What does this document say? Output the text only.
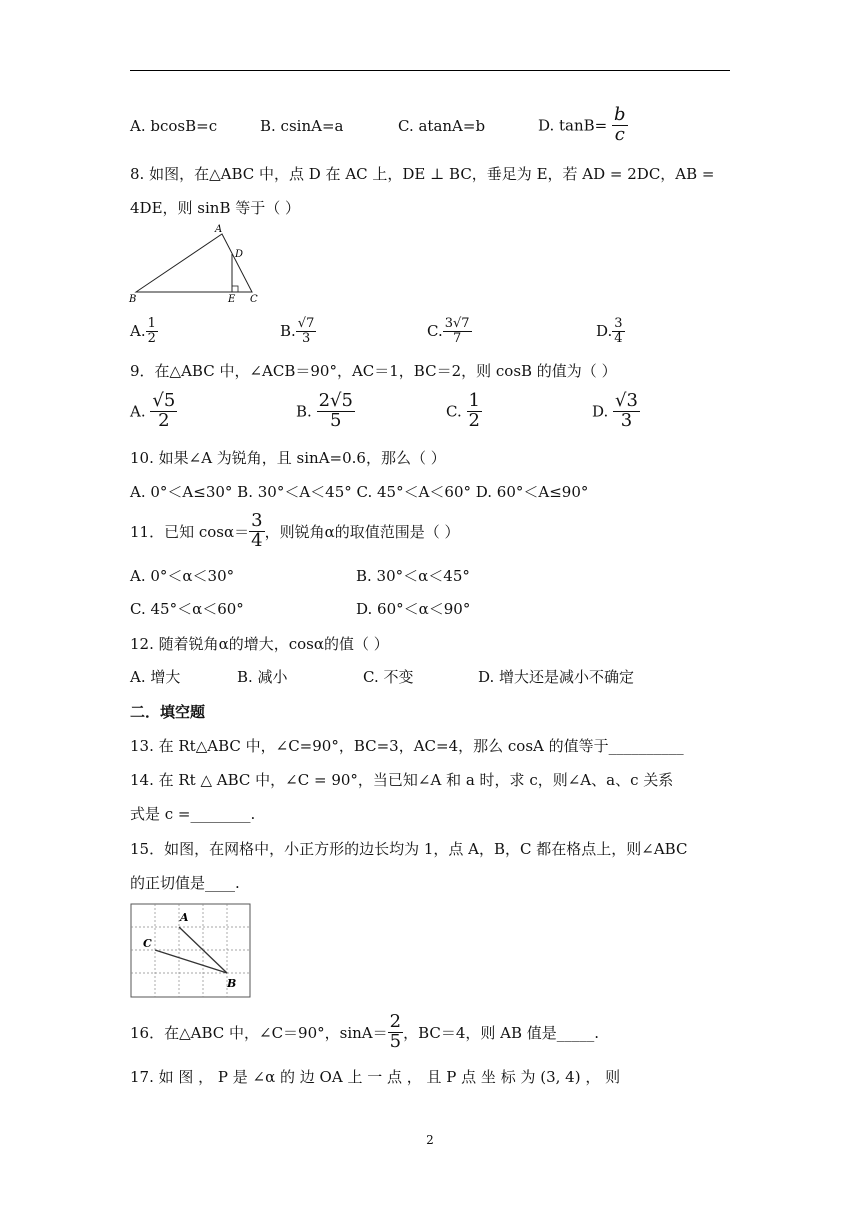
A. bcosB=c	B. csinA=a	C. atanA=b	D. $\tan B= \frac{b}{c}$
8. 如图，在△ABC 中，点 D 在 AC 上，DE ⊥ BC，垂足为 E，若 AD = 2DC，AB =
4DE，则 sinB 等于（ ）
A
D
B	E C
A. $\frac{1}{2}$	B. $\frac{√7}{3}$	C. $\frac{3√7}{7}$	D. $\frac{3}{4}$
9．在△ABC 中，∠ACB＝90°，AC＝1，BC＝2，则 cosB 的值为（ ）
A. $\frac{√5}{2}$	B. $\frac{2√5}{5}$	C. $\frac{1}{2}$	D. $\frac{√3}{3}$
10. 如果∠A 为锐角，且 sinA=0.6，那么（ ）
A. 0°＜A≤30° B. 30°＜A＜45° C. 45°＜A＜60° D. 60°＜A≤90°
11．已知 $\cos\alpha= \frac{3}{4}$ ，则锐角α的取值范围是（ ）
A. 0°＜α＜30°	B. 30°＜α＜45°
C. 45°＜α＜60°	D. 60°＜α＜90°
12. 随着锐角α的增大，cosα的值（ ）
A. 增大	B. 减小	C. 不变	D. 增大还是减小不确定
二．填空题
13. 在 Rt△ABC 中，∠C=90°，BC=3，AC=4，那么 cosA 的值等于__________
14. 在 Rt △ ABC 中，∠C = 90°，当已知∠A 和 a 时，求 c，则∠A、a、c 关系
式是 c =________.
15．如图，在网格中，小正方形的边长均为 1，点 A，B，C 都在格点上，则∠ABC
的正切值是____.
A
C
B
16．在△ABC 中，∠C＝90°，$\sin A= \frac{2}{5}$ ，BC＝4，则 AB 值是_____.
17. 如 图 ， P 是 ∠α 的 边 OA 上 一 点 ， 且 P 点 坐 标 为 (3, 4) ， 则
2
